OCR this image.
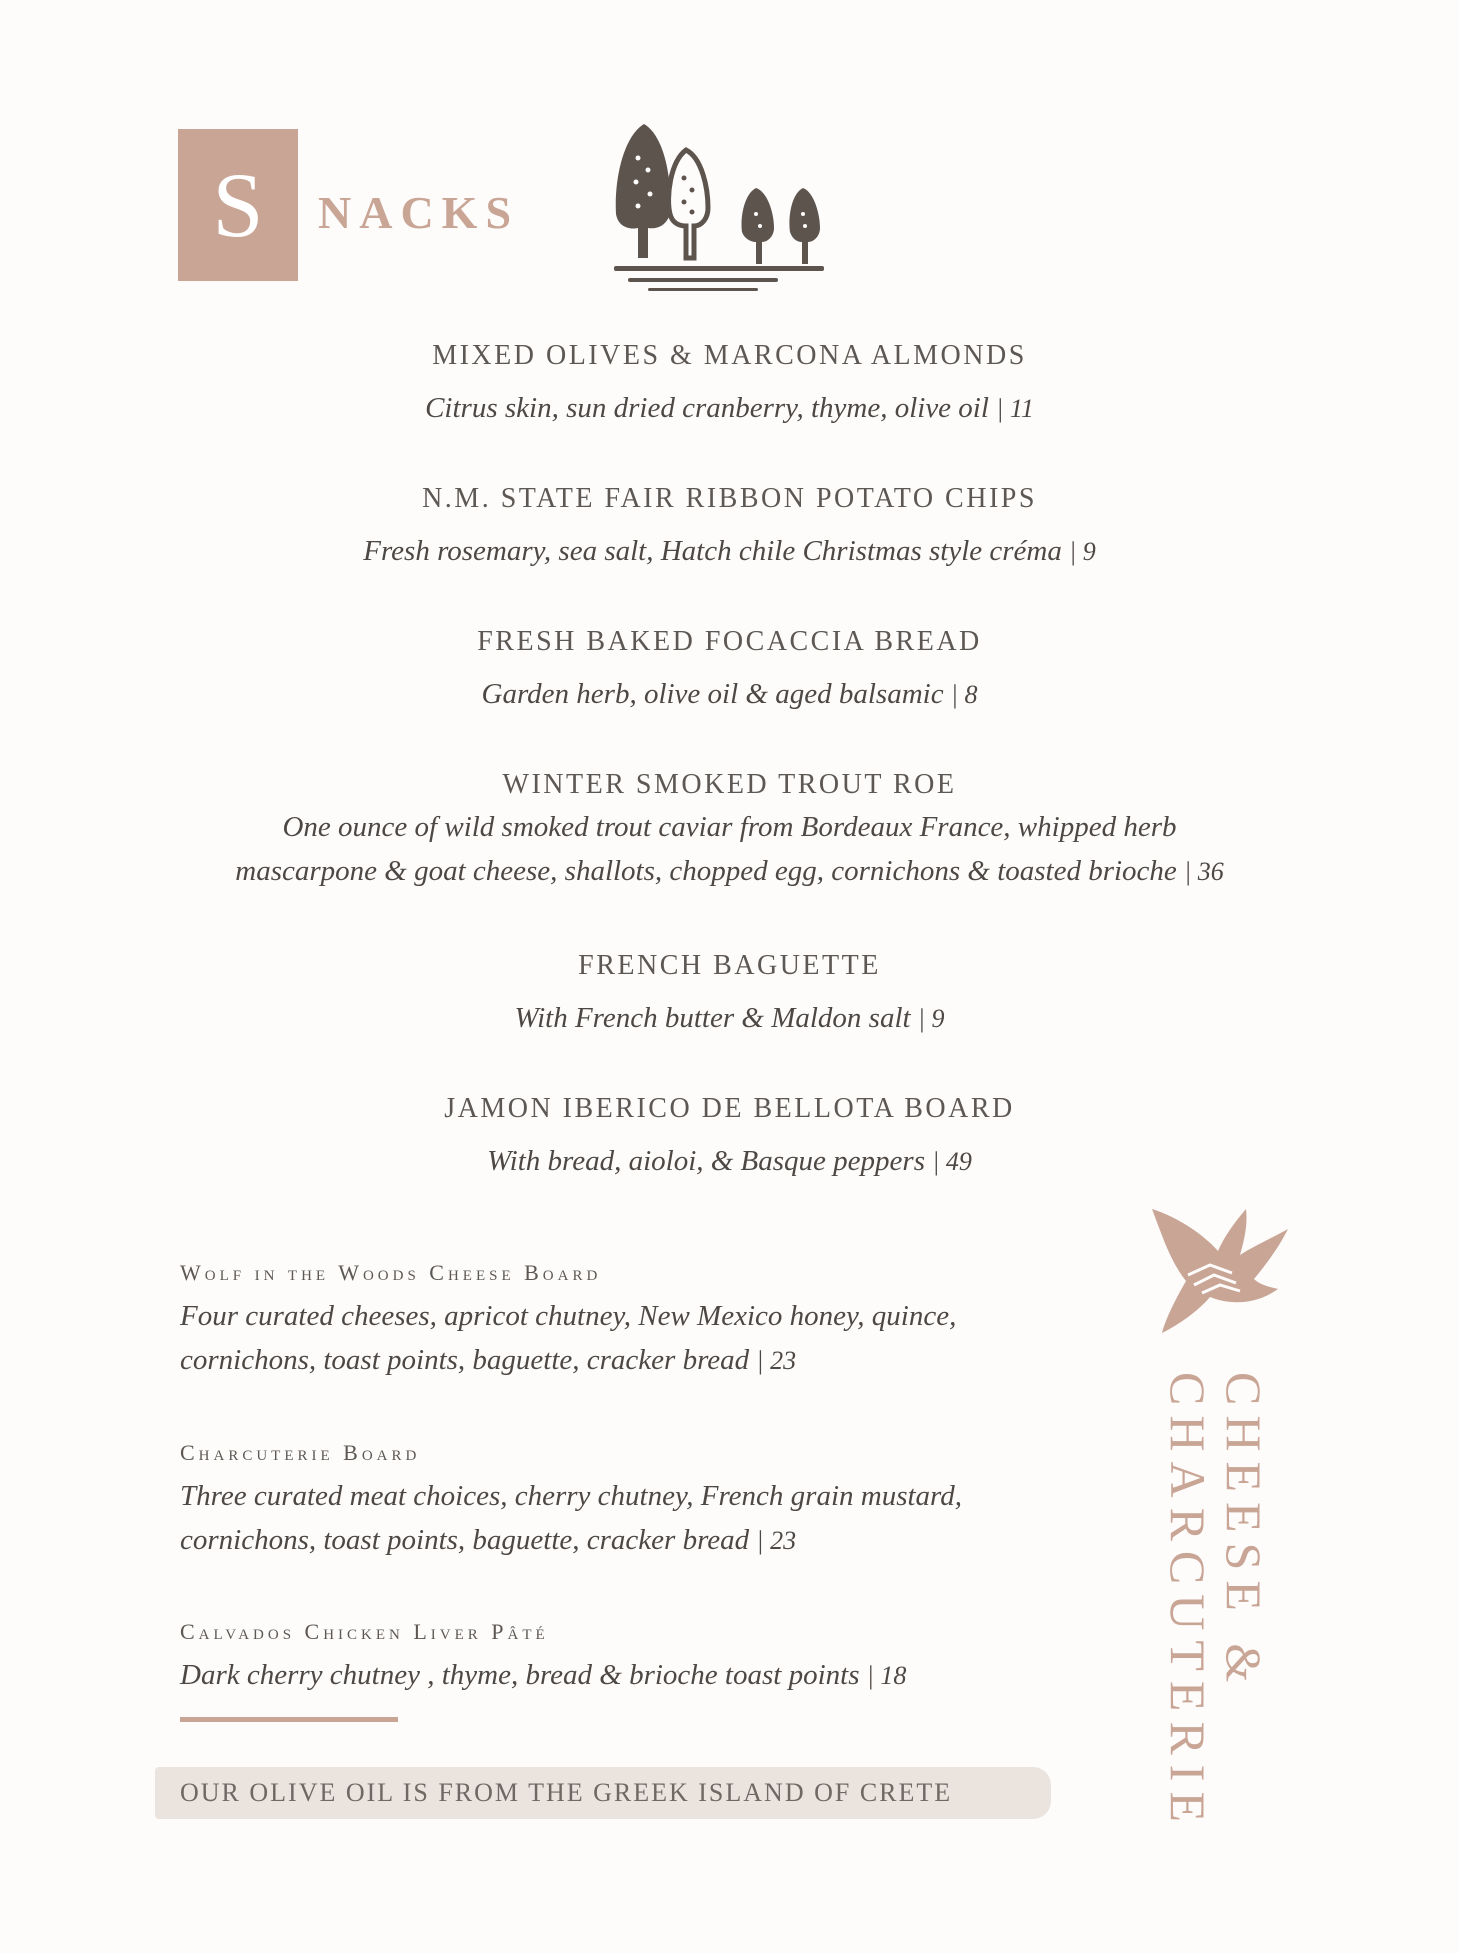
S	NACKS
MIXED OLIVES & MARCONA ALMONDS
Citrus skin, sun dried cranberry, thyme, olive oil | 11
N.M. STATE FAIR RIBBON POTATO CHIPS
Fresh rosemary, sea salt, Hatch chile Christmas style créma | 9
FRESH BAKED FOCACCIA BREAD
Garden herb, olive oil & aged balsamic | 8
WINTER SMOKED TROUT ROE
One ounce of wild smoked trout caviar from Bordeaux France, whipped herb
mascarpone & goat cheese, shallots, chopped egg, cornichons & toasted brioche | 36
FRENCH BAGUETTE
With French butter & Maldon salt | 9
JAMON IBERICO DE BELLOTA BOARD
With bread, aioloi, & Basque peppers | 49
Wolf in the Woods Cheese Board
Four curated cheeses, apricot chutney, New Mexico honey, quince,
cornichons, toast points, baguette, cracker bread | 23
Charcuterie Board
Three curated meat choices, cherry chutney, French grain mustard,
cornichons, toast points, baguette, cracker bread | 23
Calvados Chicken Liver Pâté
Dark cherry chutney , thyme, bread & brioche toast points | 18
OUR OLIVE OIL IS FROM THE GREEK ISLAND OF CRETE
CHEESE &
CHARCUTERIE
